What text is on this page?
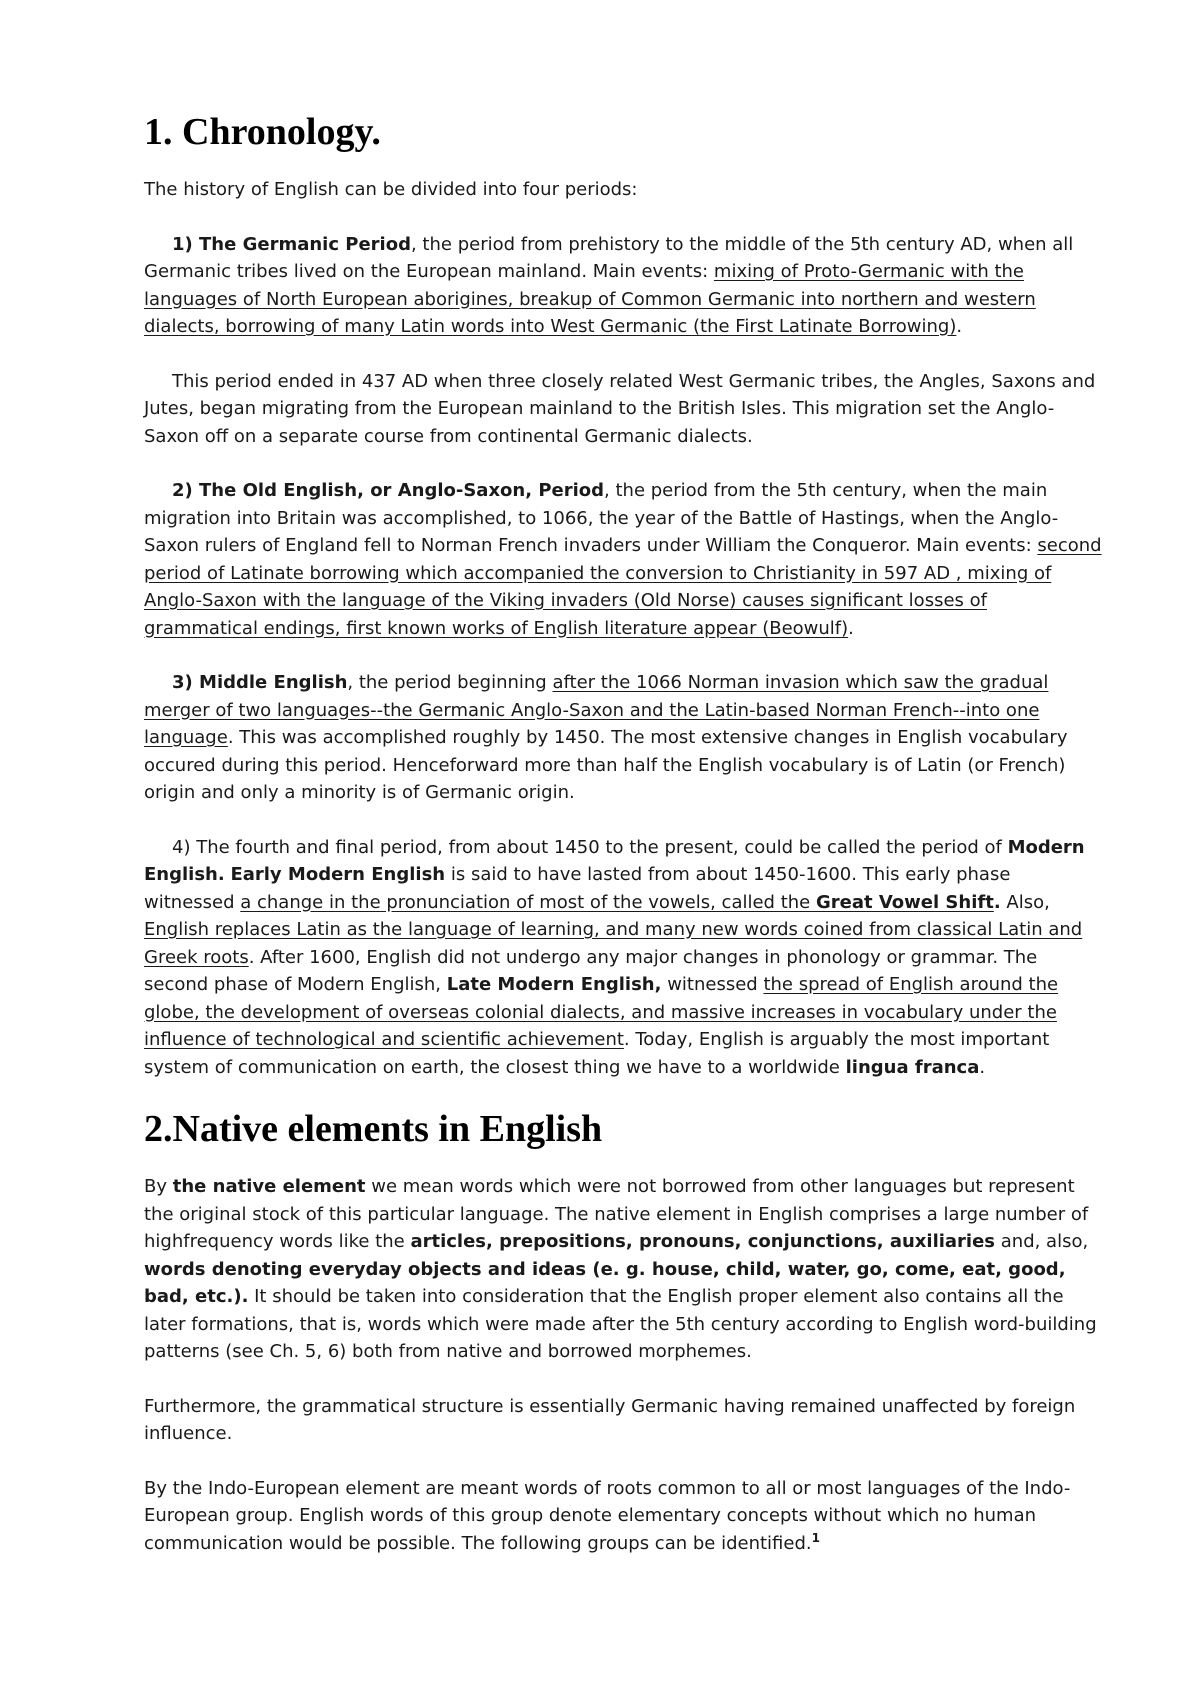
1. Chronology.

The history of English can be divided into four periods:

1) The Germanic Period, the period from prehistory to the middle of the 5th century AD, when all Germanic tribes lived on the European mainland. Main events: mixing of Proto-Germanic with the languages of North European aborigines, breakup of Common Germanic into northern and western dialects, borrowing of many Latin words into West Germanic (the First Latinate Borrowing).

This period ended in 437 AD when three closely related West Germanic tribes, the Angles, Saxons and Jutes, began migrating from the European mainland to the British Isles. This migration set the Anglo-Saxon off on a separate course from continental Germanic dialects.

2) The Old English, or Anglo-Saxon, Period, the period from the 5th century, when the main migration into Britain was accomplished, to 1066, the year of the Battle of Hastings, when the Anglo-Saxon rulers of England fell to Norman French invaders under William the Conqueror. Main events: second period of Latinate borrowing which accompanied the conversion to Christianity in 597 AD , mixing of Anglo-Saxon with the language of the Viking invaders (Old Norse) causes significant losses of grammatical endings, first known works of English literature appear (Beowulf).

3) Middle English, the period beginning after the 1066 Norman invasion which saw the gradual merger of two languages--the Germanic Anglo-Saxon and the Latin-based Norman French--into one language. This was accomplished roughly by 1450. The most extensive changes in English vocabulary occured during this period. Henceforward more than half the English vocabulary is of Latin (or French) origin and only a minority is of Germanic origin.

4) The fourth and final period, from about 1450 to the present, could be called the period of Modern English. Early Modern English is said to have lasted from about 1450-1600. This early phase witnessed a change in the pronunciation of most of the vowels, called the Great Vowel Shift. Also, English replaces Latin as the language of learning, and many new words coined from classical Latin and Greek roots. After 1600, English did not undergo any major changes in phonology or grammar. The second phase of Modern English, Late Modern English, witnessed the spread of English around the globe, the development of overseas colonial dialects, and massive increases in vocabulary under the influence of technological and scientific achievement. Today, English is arguably the most important system of communication on earth, the closest thing we have to a worldwide lingua franca.

2.Native elements in English

By the native element we mean words which were not borrowed from other languages but represent the original stock of this particular language. The native element in English comprises a large number of highfrequency words like the articles, prepositions, pronouns, conjunctions, auxiliaries and, also, words denoting everyday objects and ideas (e. g. house, child, water, go, come, eat, good, bad, etc.). It should be taken into consideration that the English proper element also contains all the later formations, that is, words which were made after the 5th century according to English word-building patterns (see Ch. 5, 6) both from native and borrowed morphemes.

Furthermore, the grammatical structure is essentially Germanic having remained unaffected by foreign influence.

By the Indo-European element are meant words of roots common to all or most languages of the Indo-European group. English words of this group denote elementary concepts without which no human communication would be possible. The following groups can be identified.$^1$
